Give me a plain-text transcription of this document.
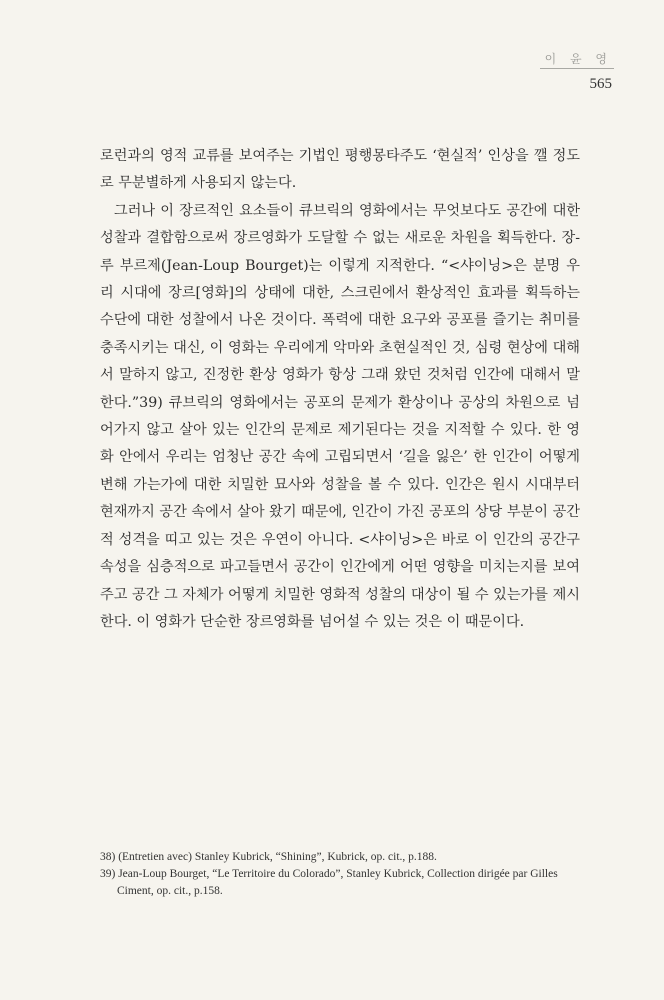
이 윤 영
565

로런과의 영적 교류를 보여주는 기법인 평행몽타주도 ‘현실적’ 인상을 깰 정도로 무분별하게 사용되지 않는다.

그러나 이 장르적인 요소들이 큐브릭의 영화에서는 무엇보다도 공간에 대한 성찰과 결합함으로써 장르영화가 도달할 수 없는 새로운 차원을 획득한다. 장-루 부르제(Jean-Loup Bourget)는 이렇게 지적한다. “<샤이닝>은 분명 우리 시대에 장르[영화]의 상태에 대한, 스크린에서 환상적인 효과를 획득하는 수단에 대한 성찰에서 나온 것이다. 폭력에 대한 요구와 공포를 즐기는 취미를 충족시키는 대신, 이 영화는 우리에게 악마와 초현실적인 것, 심령 현상에 대해서 말하지 않고, 진정한 환상 영화가 항상 그래 왔던 것처럼 인간에 대해서 말한다.”39) 큐브릭의 영화에서는 공포의 문제가 환상이나 공상의 차원으로 넘어가지 않고 살아 있는 인간의 문제로 제기된다는 것을 지적할 수 있다. 한 영화 안에서 우리는 엄청난 공간 속에 고립되면서 ‘길을 잃은’ 한 인간이 어떻게 변해 가는가에 대한 치밀한 묘사와 성찰을 볼 수 있다. 인간은 원시 시대부터 현재까지 공간 속에서 살아 왔기 때문에, 인간이 가진 공포의 상당 부분이 공간적 성격을 띠고 있는 것은 우연이 아니다. <샤이닝>은 바로 이 인간의 공간구속성을 심층적으로 파고들면서 공간이 인간에게 어떤 영향을 미치는지를 보여주고 공간 그 자체가 어떻게 치밀한 영화적 성찰의 대상이 될 수 있는가를 제시한다. 이 영화가 단순한 장르영화를 넘어설 수 있는 것은 이 때문이다.

38) (Entretien avec) Stanley Kubrick, “Shining”, Kubrick, op. cit., p.188.
39) Jean-Loup Bourget, “Le Territoire du Colorado”, Stanley Kubrick, Collection dirigée par Gilles Ciment, op. cit., p.158.
